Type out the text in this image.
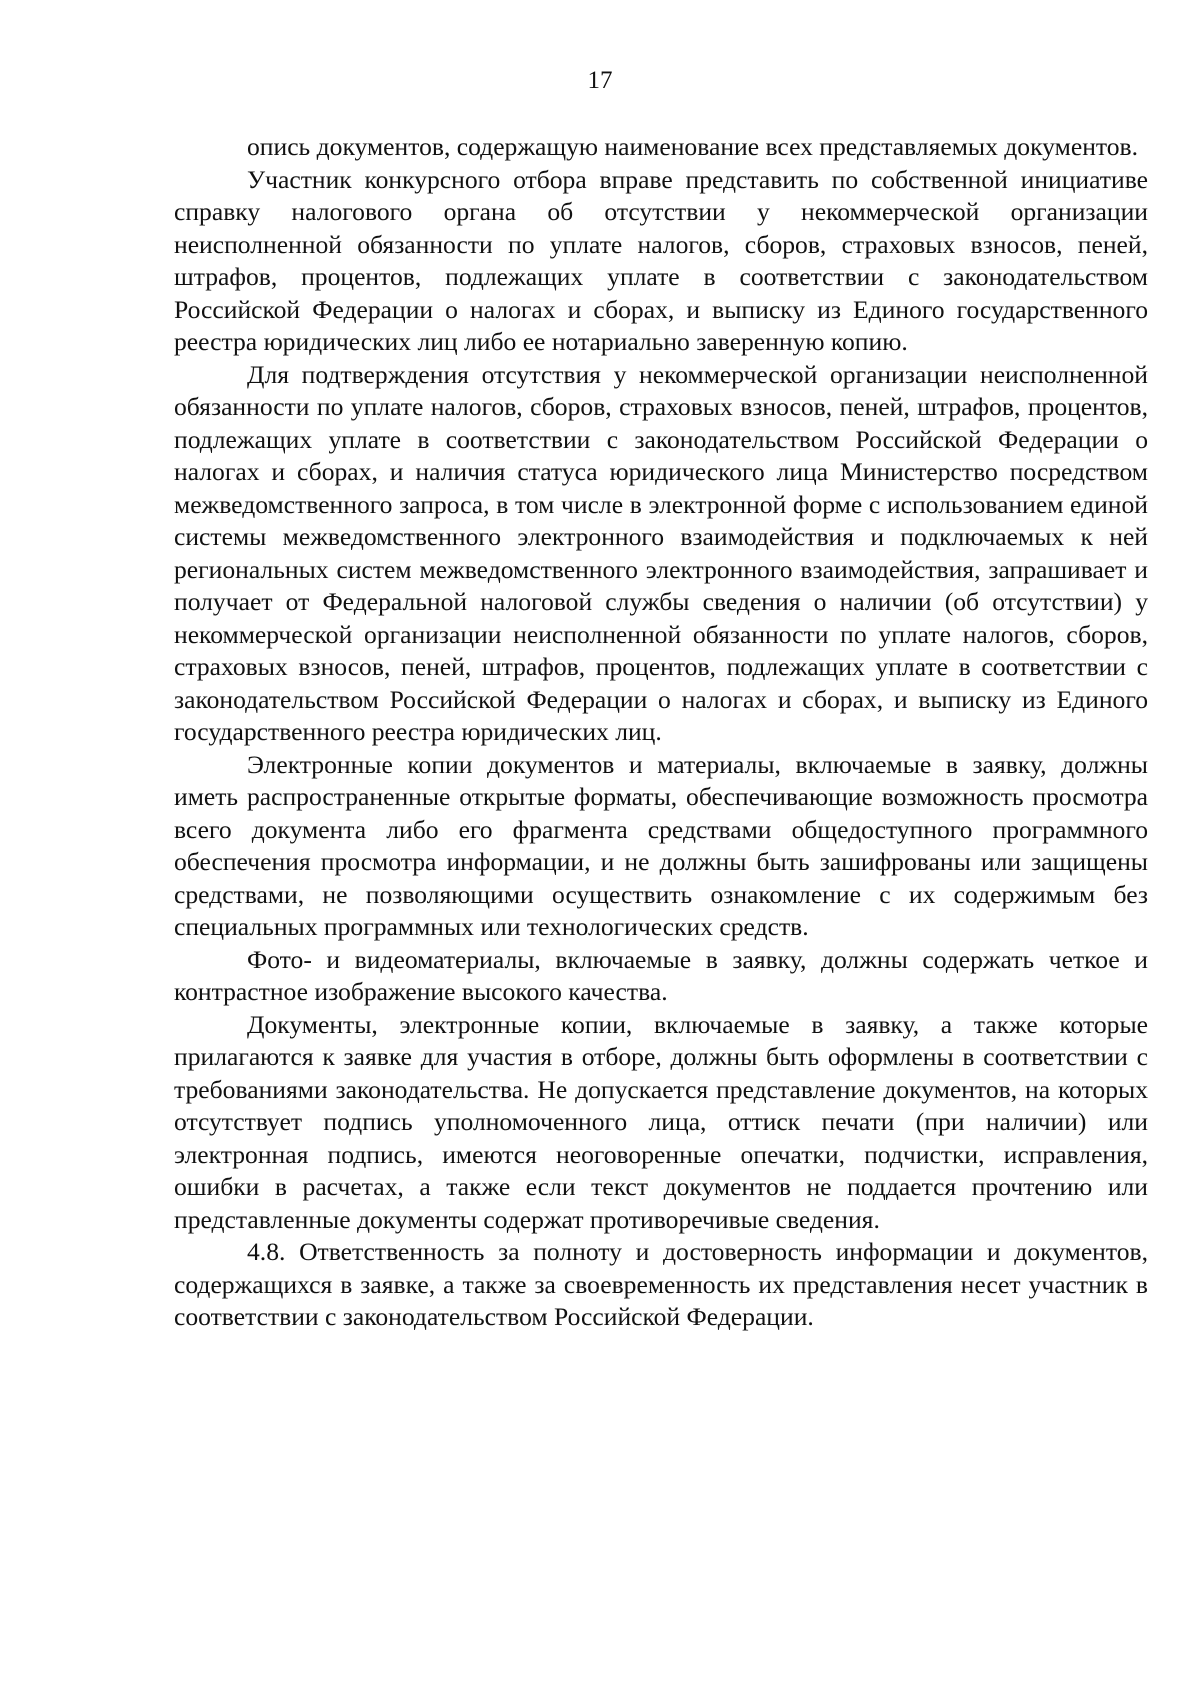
17

опись документов, содержащую наименование всех представляемых документов.

Участник конкурсного отбора вправе представить по собственной инициативе справку налогового органа об отсутствии у некоммерческой организации неисполненной обязанности по уплате налогов, сборов, страховых взносов, пеней, штрафов, процентов, подлежащих уплате в соответствии с законодательством Российской Федерации о налогах и сборах, и выписку из Единого государственного реестра юридических лиц либо ее нотариально заверенную копию.

Для подтверждения отсутствия у некоммерческой организации неисполненной обязанности по уплате налогов, сборов, страховых взносов, пеней, штрафов, процентов, подлежащих уплате в соответствии с законодательством Российской Федерации о налогах и сборах, и наличия статуса юридического лица Министерство посредством межведомственного запроса, в том числе в электронной форме с использованием единой системы межведомственного электронного взаимодействия и подключаемых к ней региональных систем межведомственного электронного взаимодействия, запрашивает и получает от Федеральной налоговой службы сведения о наличии (об отсутствии) у некоммерческой организации неисполненной обязанности по уплате налогов, сборов, страховых взносов, пеней, штрафов, процентов, подлежащих уплате в соответствии с законодательством Российской Федерации о налогах и сборах, и выписку из Единого государственного реестра юридических лиц.

Электронные копии документов и материалы, включаемые в заявку, должны иметь распространенные открытые форматы, обеспечивающие возможность просмотра всего документа либо его фрагмента средствами общедоступного программного обеспечения просмотра информации, и не должны быть зашифрованы или защищены средствами, не позволяющими осуществить ознакомление с их содержимым без специальных программных или технологических средств.

Фото- и видеоматериалы, включаемые в заявку, должны содержать четкое и контрастное изображение высокого качества.

Документы, электронные копии, включаемые в заявку, а также которые прилагаются к заявке для участия в отборе, должны быть оформлены в соответствии с требованиями законодательства. Не допускается представление документов, на которых отсутствует подпись уполномоченного лица, оттиск печати (при наличии) или электронная подпись, имеются неоговоренные опечатки, подчистки, исправления, ошибки в расчетах, а также если текст документов не поддается прочтению или представленные документы содержат противоречивые сведения.

4.8. Ответственность за полноту и достоверность информации и документов, содержащихся в заявке, а также за своевременность их представления несет участник в соответствии с законодательством Российской Федерации.
